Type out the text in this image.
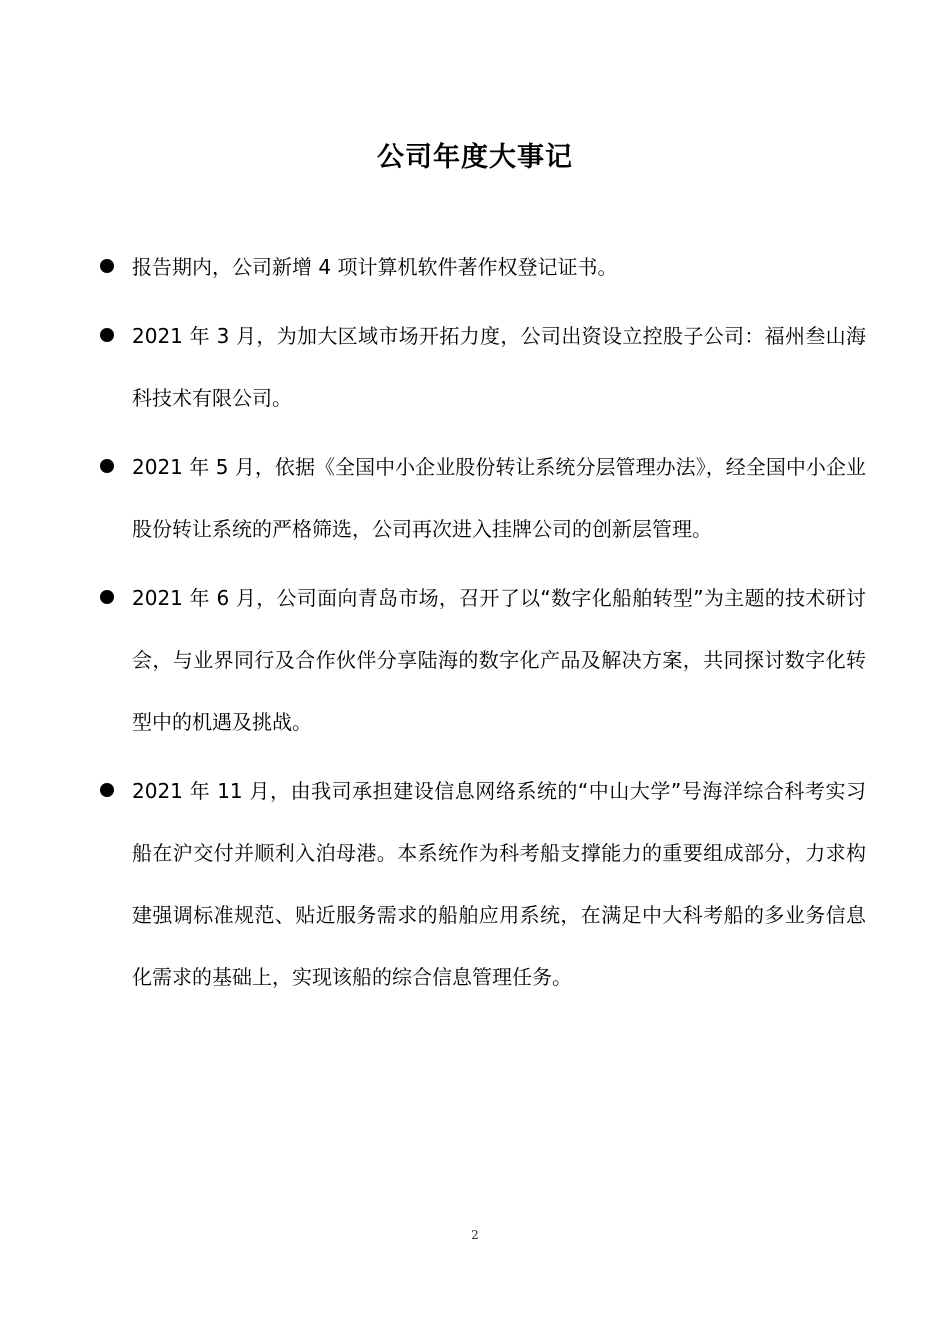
公司年度大事记
报告期内，公司新增 4 项计算机软件著作权登记证书。
2021 年 3 月，为加大区域市场开拓力度，公司出资设立控股子公司：福州叁山海科技术有限公司。
2021 年 5 月，依据《全国中小企业股份转让系统分层管理办法》，经全国中小企业股份转让系统的严格筛选，公司再次进入挂牌公司的创新层管理。
2021 年 6 月，公司面向青岛市场，召开了以“数字化船舶转型”为主题的技术研讨会，与业界同行及合作伙伴分享陆海的数字化产品及解决方案，共同探讨数字化转型中的机遇及挑战。
2021 年 11 月，由我司承担建设信息网络系统的“中山大学”号海洋综合科考实习船在沪交付并顺利入泊母港。本系统作为科考船支撑能力的重要组成部分，力求构建强调标准规范、贴近服务需求的船舶应用系统，在满足中大科考船的多业务信息化需求的基础上，实现该船的综合信息管理任务。
2
